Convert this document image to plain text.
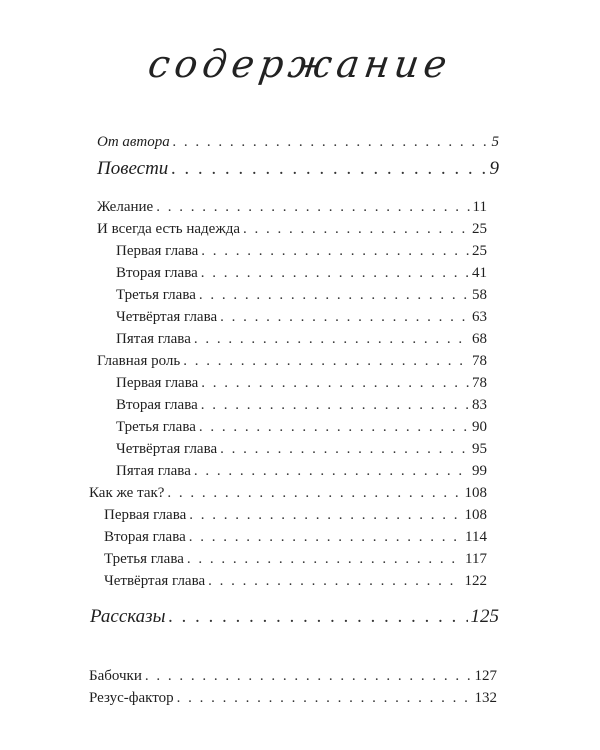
содержание
От автора . . .	5
Повести . . .	9
Желание . . .	11
И всегда есть надежда . . .	25
Первая глава . . .	25
Вторая глава . . .	41
Третья глава . . .	58
Четвёртая глава . . .	63
Пятая глава . . .	68
Главная роль . . .	78
Первая глава . . .	78
Вторая глава . . .	83
Третья глава . . .	90
Четвёртая глава . . .	95
Пятая глава . . .	99
Как же так? . . .	108
Первая глава . . .	108
Вторая глава . . .	114
Третья глава . . .	117
Четвёртая глава . . .	122
Рассказы . . .	125
Бабочки . . .	127
Резус-фактор . . .	132
